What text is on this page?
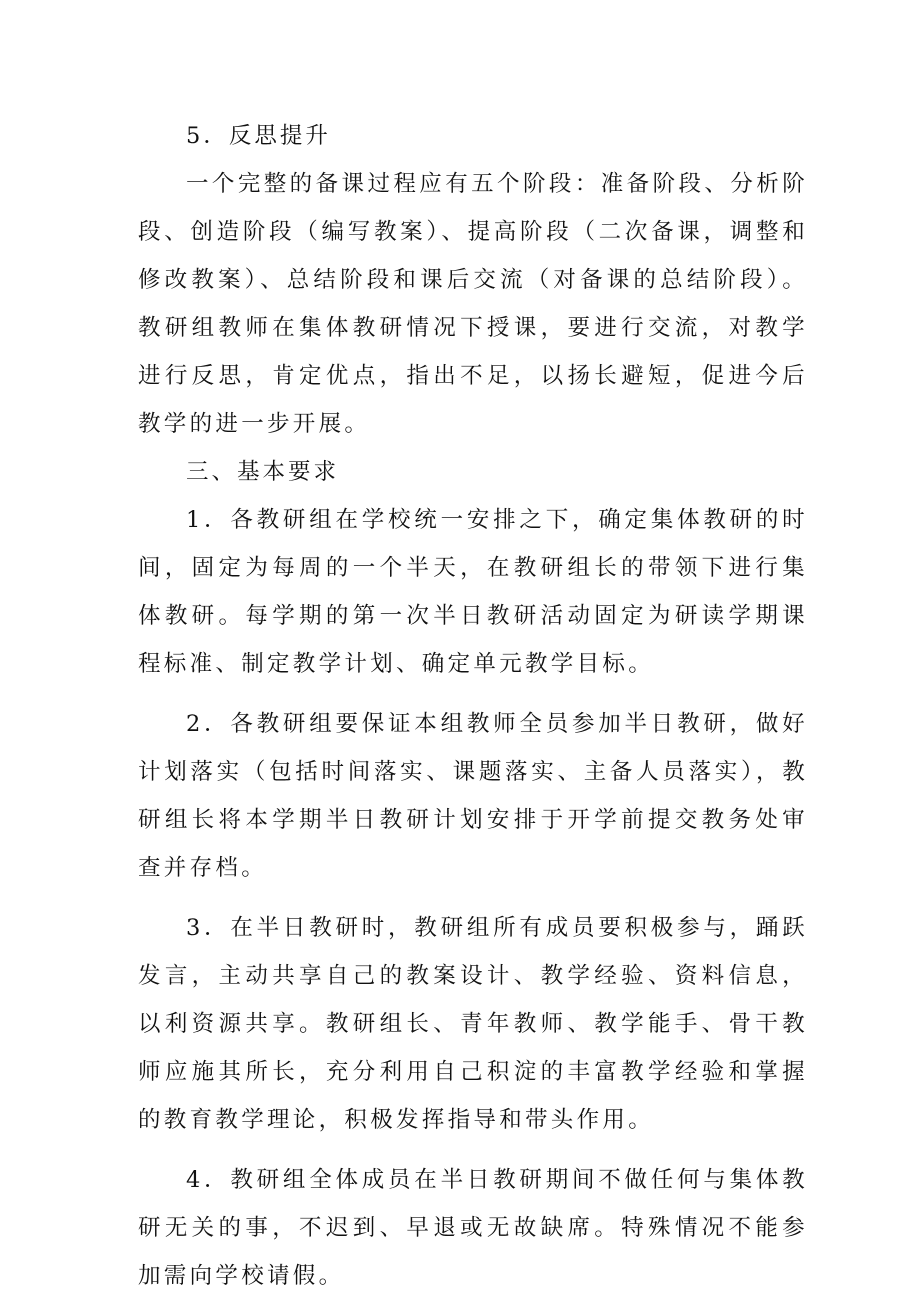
5．反思提升

一个完整的备课过程应有五个阶段：准备阶段、分析阶段、创造阶段（编写教案）、提高阶段（二次备课，调整和修改教案）、总结阶段和课后交流（对备课的总结阶段）。教研组教师在集体教研情况下授课，要进行交流，对教学进行反思，肯定优点，指出不足，以扬长避短，促进今后教学的进一步开展。

三、基本要求

1．各教研组在学校统一安排之下，确定集体教研的时间，固定为每周的一个半天，在教研组长的带领下进行集体教研。每学期的第一次半日教研活动固定为研读学期课程标准、制定教学计划、确定单元教学目标。

2．各教研组要保证本组教师全员参加半日教研，做好计划落实（包括时间落实、课题落实、主备人员落实），教研组长将本学期半日教研计划安排于开学前提交教务处审查并存档。

3．在半日教研时，教研组所有成员要积极参与，踊跃发言，主动共享自己的教案设计、教学经验、资料信息，以利资源共享。教研组长、青年教师、教学能手、骨干教师应施其所长，充分利用自己积淀的丰富教学经验和掌握的教育教学理论，积极发挥指导和带头作用。

4．教研组全体成员在半日教研期间不做任何与集体教研无关的事，不迟到、早退或无故缺席。特殊情况不能参加需向学校请假。
